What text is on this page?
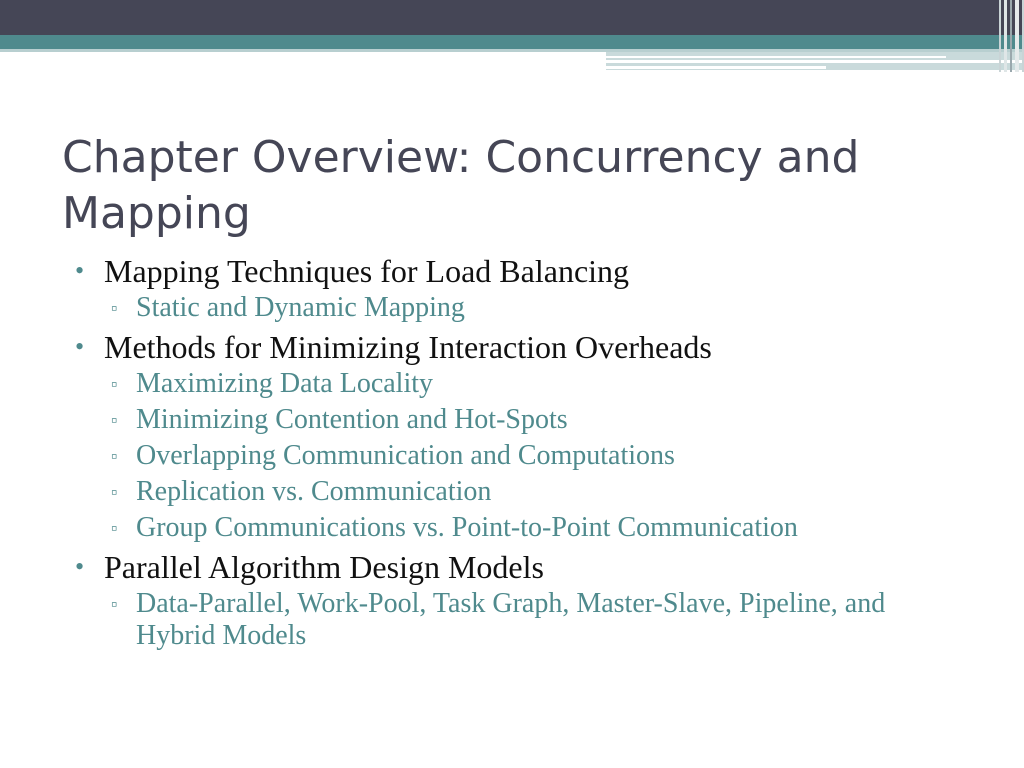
Chapter Overview: Concurrency and Mapping
• Mapping Techniques for Load Balancing
▫ Static and Dynamic Mapping
• Methods for Minimizing Interaction Overheads
▫ Maximizing Data Locality
▫ Minimizing Contention and Hot-Spots
▫ Overlapping Communication and Computations
▫ Replication vs. Communication
▫ Group Communications vs. Point-to-Point Communication
• Parallel Algorithm Design Models
▫ Data-Parallel, Work-Pool, Task Graph, Master-Slave, Pipeline, and Hybrid Models
